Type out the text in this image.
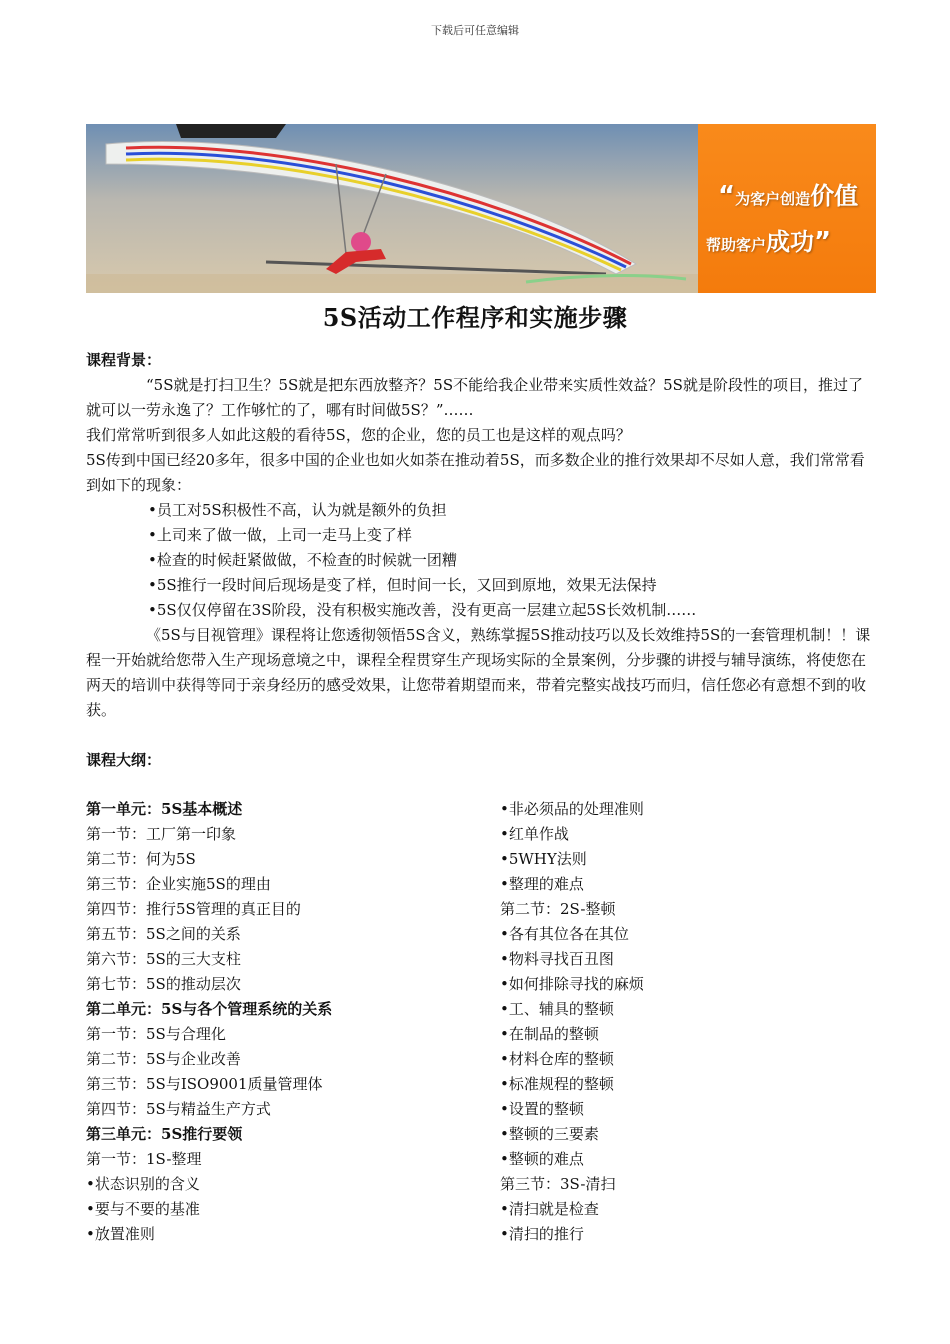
下载后可任意编辑
“为客户创造价值
帮助客户成功”
5S活动工作程序和实施步骤

课程背景：

“5S就是打扫卫生？5S就是把东西放整齐？5S不能给我企业带来实质性效益？5S就是阶段性的项目，推过了就可以一劳永逸了？工作够忙的了，哪有时间做5S？”……

我们常常听到很多人如此这般的看待5S，您的企业，您的员工也是这样的观点吗？

5S传到中国已经20多年，很多中国的企业也如火如荼在推动着5S，而多数企业的推行效果却不尽如人意，我们常常看到如下的现象：

•员工对5S积极性不高，认为就是额外的负担
•上司来了做一做，上司一走马上变了样
•检查的时候赶紧做做，不检查的时候就一团糟
•5S推行一段时间后现场是变了样，但时间一长，又回到原地，效果无法保持
•5S仅仅停留在3S阶段，没有积极实施改善，没有更高一层建立起5S长效机制……

《5S与目视管理》课程将让您透彻领悟5S含义，熟练掌握5S推动技巧以及长效维持5S的一套管理机制！！课程一开始就给您带入生产现场意境之中，课程全程贯穿生产现场实际的全景案例，分步骤的讲授与辅导演练，将使您在两天的培训中获得等同于亲身经历的感受效果，让您带着期望而来，带着完整实战技巧而归，信任您必有意想不到的收获。

课程大纲：

第一单元：5S基本概述
第一节：工厂第一印象
第二节：何为5S
第三节：企业实施5S的理由
第四节：推行5S管理的真正目的
第五节：5S之间的关系
第六节：5S的三大支柱
第七节：5S的推动层次
第二单元：5S与各个管理系统的关系
第一节：5S与合理化
第二节：5S与企业改善
第三节：5S与ISO9001质量管理体
第四节：5S与精益生产方式
第三单元：5S推行要领
第一节：1S-整理
•状态识别的含义
•要与不要的基准
•放置准则
•非必须品的处理准则
•红单作战
•5WHY法则
•整理的难点
第二节：2S-整顿
•各有其位各在其位
•物料寻找百丑图
•如何排除寻找的麻烦
•工、辅具的整顿
•在制品的整顿
•材料仓库的整顿
•标准规程的整顿
•设置的整顿
•整顿的三要素
•整顿的难点
第三节：3S-清扫
•清扫就是检查
•清扫的推行
